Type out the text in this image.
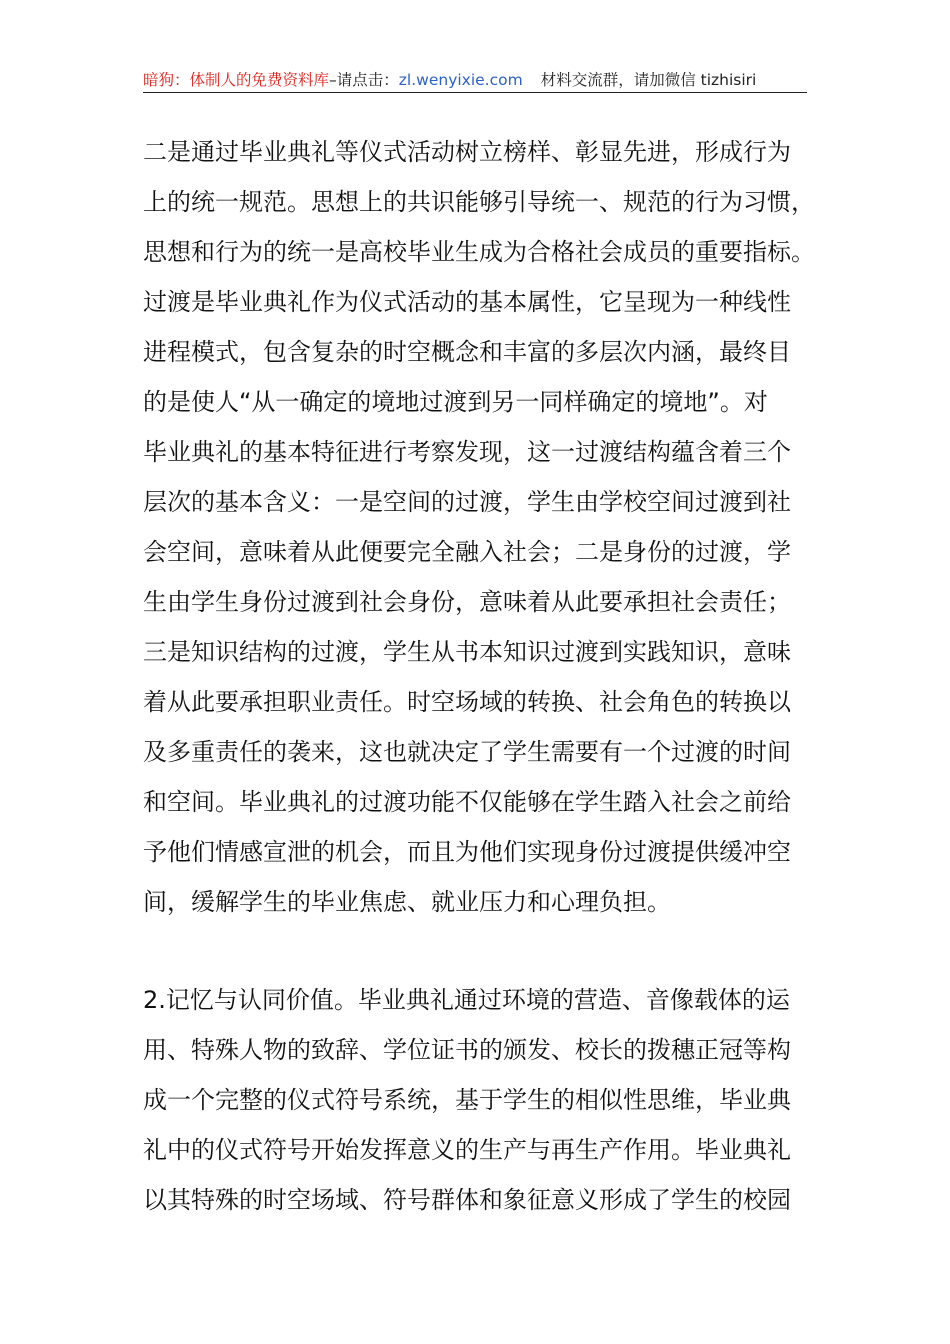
暗狗：体制人的免费资料库–请点击：zl.wenyixie.com 材料交流群，请加微信 tizhisiri
二是通过毕业典礼等仪式活动树立榜样、彰显先进，形成行为
上的统一规范。思想上的共识能够引导统一、规范的行为习惯，
思想和行为的统一是高校毕业生成为合格社会成员的重要指标。
过渡是毕业典礼作为仪式活动的基本属性，它呈现为一种线性
进程模式，包含复杂的时空概念和丰富的多层次内涵，最终目
的是使人“从一确定的境地过渡到另一同样确定的境地”。对
毕业典礼的基本特征进行考察发现，这一过渡结构蕴含着三个
层次的基本含义：一是空间的过渡，学生由学校空间过渡到社
会空间，意味着从此便要完全融入社会；二是身份的过渡，学
生由学生身份过渡到社会身份，意味着从此要承担社会责任；
三是知识结构的过渡，学生从书本知识过渡到实践知识，意味
着从此要承担职业责任。时空场域的转换、社会角色的转换以
及多重责任的袭来，这也就决定了学生需要有一个过渡的时间
和空间。毕业典礼的过渡功能不仅能够在学生踏入社会之前给
予他们情感宣泄的机会，而且为他们实现身份过渡提供缓冲空
间，缓解学生的毕业焦虑、就业压力和心理负担。
2.记忆与认同价值。毕业典礼通过环境的营造、音像载体的运
用、特殊人物的致辞、学位证书的颁发、校长的拨穗正冠等构
成一个完整的仪式符号系统，基于学生的相似性思维，毕业典
礼中的仪式符号开始发挥意义的生产与再生产作用。毕业典礼
以其特殊的时空场域、符号群体和象征意义形成了学生的校园
